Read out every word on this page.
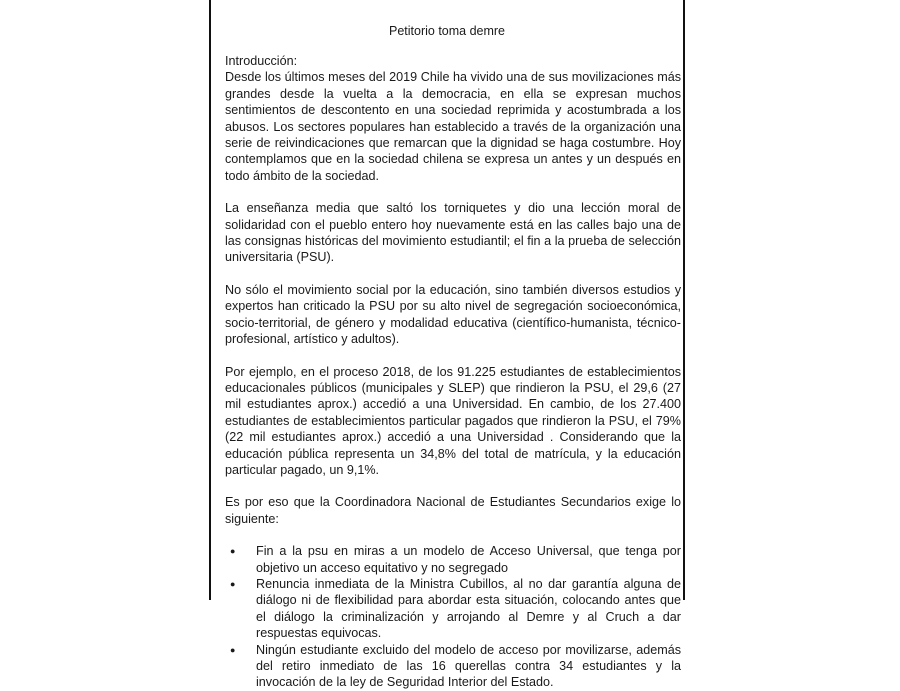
Petitorio toma demre

Introducción:

Desde los últimos meses del 2019 Chile ha vivido una de sus movilizaciones más grandes desde la vuelta a la democracia, en ella se expresan muchos sentimientos de descontento en una sociedad reprimida y acostumbrada a los abusos. Los sectores populares han establecido a través de la organización una serie de reivindicaciones que remarcan que la dignidad se haga costumbre. Hoy contemplamos que en la sociedad chilena se expresa un antes y un después en todo ámbito de la sociedad.

La enseñanza media que saltó los torniquetes y dio una lección moral de solidaridad con el pueblo entero hoy nuevamente está en las calles bajo una de las consignas históricas del movimiento estudiantil; el fin a la prueba de selección universitaria (PSU).

No sólo el movimiento social por la educación, sino también diversos estudios y expertos han criticado la PSU por su alto nivel de segregación socioeconómica, socio-territorial, de género y modalidad educativa (científico-humanista, técnico-profesional, artístico y adultos).

Por ejemplo, en el proceso 2018, de los 91.225 estudiantes de establecimientos educacionales públicos (municipales y SLEP) que rindieron la PSU, el 29,6 (27 mil estudiantes aprox.) accedió a una Universidad. En cambio, de los 27.400 estudiantes de establecimientos particular pagados que rindieron la PSU, el 79% (22 mil estudiantes aprox.) accedió a una Universidad . Considerando que la educación pública representa un 34,8% del total de matrícula, y la educación particular pagado, un 9,1%.

Es por eso que la Coordinadora Nacional de Estudiantes Secundarios exige lo siguiente:

● Fin a la psu en miras a un modelo de Acceso Universal, que tenga por objetivo un acceso equitativo y no segregado
● Renuncia inmediata de la Ministra Cubillos, al no dar garantía alguna de diálogo ni de flexibilidad para abordar esta situación, colocando antes que el diálogo la criminalización y arrojando al Demre y al Cruch a dar respuestas equivocas.
● Ningún estudiante excluido del modelo de acceso por movilizarse, además del retiro inmediato de las 16 querellas contra 34 estudiantes y la invocación de la ley de Seguridad Interior del Estado.
